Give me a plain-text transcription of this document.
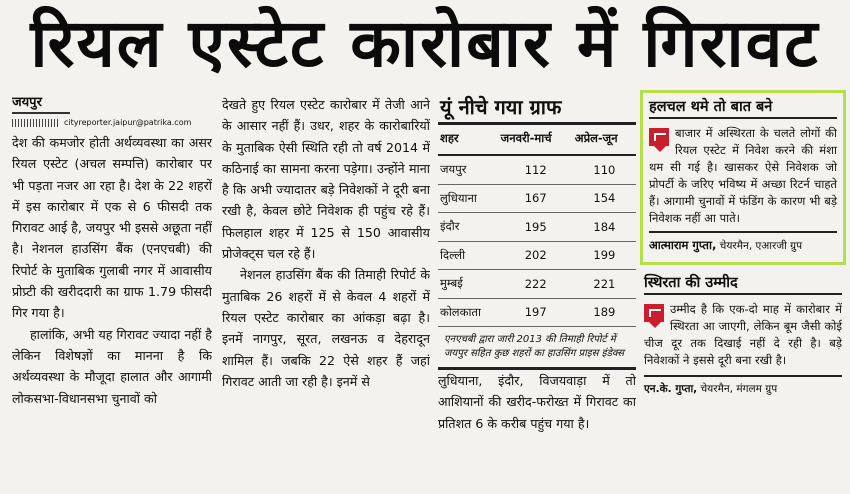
रियल एस्टेट कारोबार में गिरावट
जयपुर
cityreporter.jaipur@patrika.com

देश की कमजोर होती अर्थव्यवस्था का असर रियल एस्टेट (अचल सम्पत्ति) कारोबार पर भी पड़ता नजर आ रहा है। देश के 22 शहरों में इस कारोबार में एक से 6 फीसदी तक गिरावट आई है, जयपुर भी इससे अछूता नहीं है। नेशनल हाउसिंग बैंक (एनएचबी) की रिपोर्ट के मुताबिक गुलाबी नगर में आवासीय प्रोप्र्टी की खरीददारी का ग्राफ 1.79 फीसदी गिर गया है।

हालांकि, अभी यह गिरावट ज्यादा नहीं है लेकिन विशेषज्ञों का मानना है कि अर्थव्यवस्था के मौजूदा हालात और आगामी लोकसभा-विधानसभा चुनावों को

देखते हुए रियल एस्टेट कारोबार में तेजी आने के आसार नहीं हैं। उधर, शहर के कारोबारियों के मुताबिक ऐसी स्थिति रही तो वर्ष 2014 में कठिनाई का सामना करना पड़ेगा। उन्होंने माना है कि अभी ज्यादातर बड़े निवेशकों ने दूरी बना रखी है, केवल छोटे निवेशक ही पहुंच रहे हैं। फिलहाल शहर में 125 से 150 आवासीय प्रोजेक्ट्स चल रहे हैं।

नेशनल हाउसिंग बैंक की तिमाही रिपोर्ट के मुताबिक 26 शहरों में से केवल 4 शहरों में रियल एस्टेट कारोबार का आंकड़ा बढ़ा है। इनमें नागपुर, सूरत, लखनऊ व देहरादून शामिल हैं। जबकि 22 ऐसे शहर हैं जहां गिरावट आती जा रही है। इनमें से

यूं नीचे गया ग्राफ
शहर	जनवरी-मार्च	अप्रेल-जून
जयपुर	112	110
लुधियाना	167	154
इंदौर	195	184
दिल्ली	202	199
मुम्बई	222	221
कोलकाता	197	189
एनएचबी द्वारा जारी 2013 की तिमाही रिपोर्ट में जयपुर सहित कुछ शहरों का हाउसिंग प्राइस इंडेक्स

लुधियाना, इंदौर, विजयवाड़ा में तो आशियानों की खरीद-फरोख्त में गिरावट का प्रतिशत 6 के करीब पहुंच गया है।

हलचल थमे तो बात बने
बाजार में अस्थिरता के चलते लोगों की रियल एस्टेट में निवेश करने की मंशा थम सी गई है। खासकर ऐसे निवेशक जो प्रोपर्टी के जरिए भविष्य में अच्छा रिटर्न चाहते हैं। आगामी चुनावों में फंडिंग के कारण भी बड़े निवेशक नहीं आ पाते।
आत्माराम गुप्ता, चेयरमैन, एआरजी ग्रुप
स्थिरता की उम्मीद
उम्मीद है कि एक-दो माह में कारोबार में स्थिरता आ जाएगी, लेकिन बूम जैसी कोई चीज दूर तक दिखाई नहीं दे रही है। बड़े निवेशकों ने इससे दूरी बना रखी है।
एन.के. गुप्ता, चेयरमैन, मंगलम ग्रुप
